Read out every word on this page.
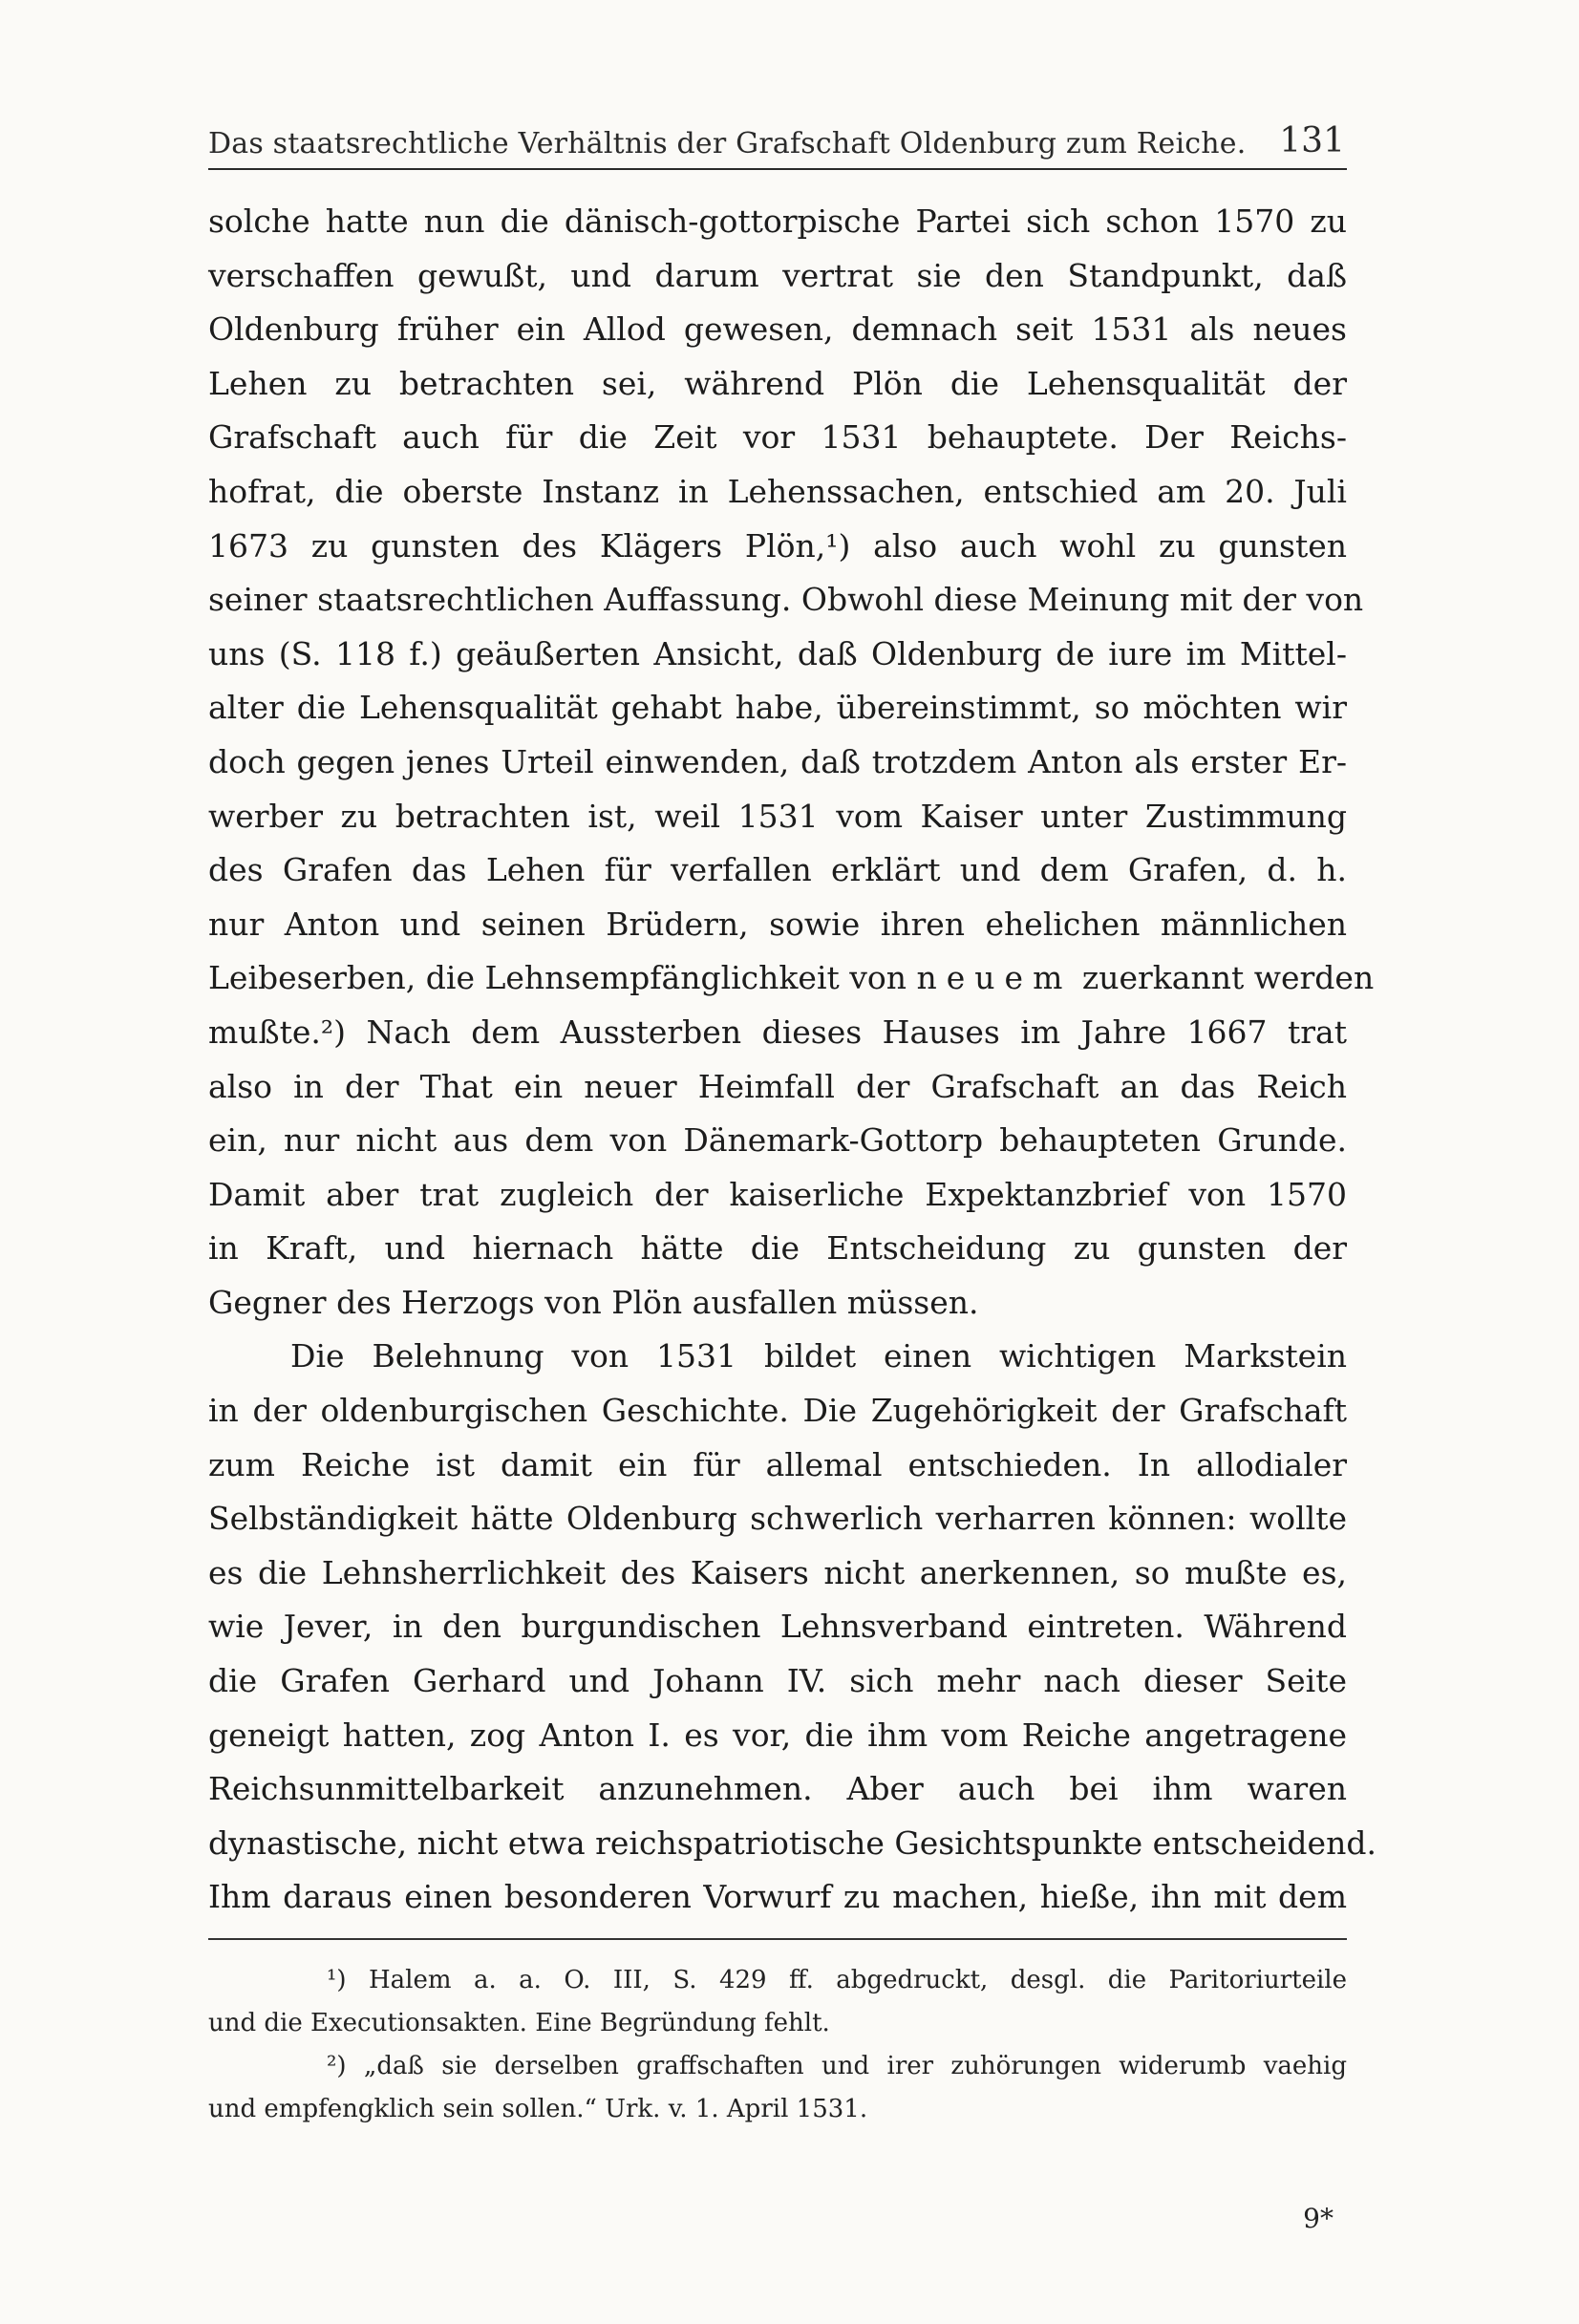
Das staatsrechtliche Verhältnis der Grafschaft Oldenburg zum Reiche. 131
solche hatte nun die dänisch-gottorpische Partei sich schon 1570 zu
verschaffen gewußt, und darum vertrat sie den Standpunkt, daß
Oldenburg früher ein Allod gewesen, demnach seit 1531 als neues
Lehen zu betrachten sei, während Plön die Lehensqualität der
Grafschaft auch für die Zeit vor 1531 behauptete. Der Reichs-
hofrat, die oberste Instanz in Lehenssachen, entschied am 20. Juli
1673 zu gunsten des Klägers Plön,¹) also auch wohl zu gunsten
seiner staatsrechtlichen Auffassung. Obwohl diese Meinung mit der von
uns (S. 118 f.) geäußerten Ansicht, daß Oldenburg de iure im Mittel-
alter die Lehensqualität gehabt habe, übereinstimmt, so möchten wir
doch gegen jenes Urteil einwenden, daß trotzdem Anton als erster Er-
werber zu betrachten ist, weil 1531 vom Kaiser unter Zustimmung
des Grafen das Lehen für verfallen erklärt und dem Grafen, d. h.
nur Anton und seinen Brüdern, sowie ihren ehelichen männlichen
Leibeserben, die Lehnsempfänglichkeit von neuem zuerkannt werden
mußte.²) Nach dem Aussterben dieses Hauses im Jahre 1667 trat
also in der That ein neuer Heimfall der Grafschaft an das Reich
ein, nur nicht aus dem von Dänemark-Gottorp behaupteten Grunde.
Damit aber trat zugleich der kaiserliche Expektanzbrief von 1570
in Kraft, und hiernach hätte die Entscheidung zu gunsten der
Gegner des Herzogs von Plön ausfallen müssen.
Die Belehnung von 1531 bildet einen wichtigen Markstein
in der oldenburgischen Geschichte. Die Zugehörigkeit der Grafschaft
zum Reiche ist damit ein für allemal entschieden. In allodialer
Selbständigkeit hätte Oldenburg schwerlich verharren können: wollte
es die Lehnsherrlichkeit des Kaisers nicht anerkennen, so mußte es,
wie Jever, in den burgundischen Lehnsverband eintreten. Während
die Grafen Gerhard und Johann IV. sich mehr nach dieser Seite
geneigt hatten, zog Anton I. es vor, die ihm vom Reiche angetragene
Reichsunmittelbarkeit anzunehmen. Aber auch bei ihm waren
dynastische, nicht etwa reichspatriotische Gesichtspunkte entscheidend.
Ihm daraus einen besonderen Vorwurf zu machen, hieße, ihn mit dem
¹) Halem a. a. O. III, S. 429 ff. abgedruckt, desgl. die Paritoriurteile
und die Executionsakten. Eine Begründung fehlt.
²) „daß sie derselben graffschaften und irer zuhörungen widerumb vaehig
und empfengklich sein sollen.“ Urk. v. 1. April 1531.
9*
